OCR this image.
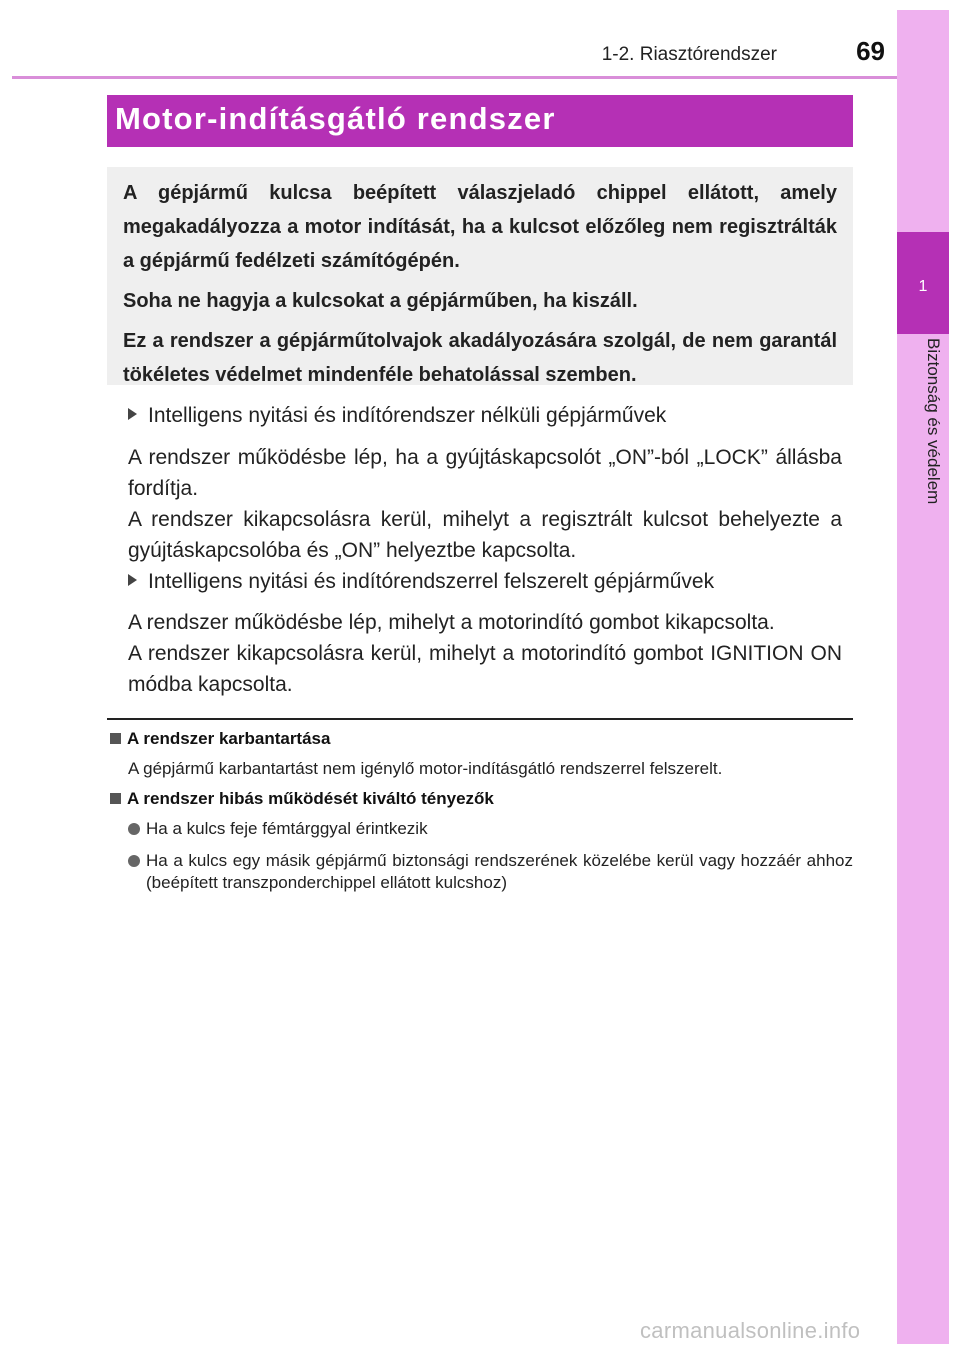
1-2. Riasztórendszer	69
1
Biztonság és védelem
Motor-indításgátló rendszer

A gépjármű kulcsa beépített válaszjeladó chippel ellátott, amely megakadályozza a motor indítását, ha a kulcsot előzőleg nem regisztrálták a gépjármű fedélzeti számítógépén.

Soha ne hagyja a kulcsokat a gépjárműben, ha kiszáll.

Ez a rendszer a gépjárműtolvajok akadályozására szolgál, de nem garantál tökéletes védelmet mindenféle behatolással szemben.

Intelligens nyitási és indítórendszer nélküli gépjárművek

A rendszer működésbe lép, ha a gyújtáskapcsolót „ON”-ból „LOCK” állásba fordítja.
A rendszer kikapcsolásra kerül, mihelyt a regisztrált kulcsot behelyezte a gyújtáskapcsolóba és „ON” helyeztbe kapcsolta.

Intelligens nyitási és indítórendszerrel felszerelt gépjárművek

A rendszer működésbe lép, mihelyt a motorindító gombot kikapcsolta.
A rendszer kikapcsolásra kerül, mihelyt a motorindító gombot IGNITION ON módba kapcsolta.

A rendszer karbantartása

A gépjármű karbantartást nem igénylő motor-indításgátló rendszerrel felszerelt.

A rendszer hibás működését kiváltó tényezők
Ha a kulcs feje fémtárggyal érintkezik
Ha a kulcs egy másik gépjármű biztonsági rendszerének közelébe kerül vagy hozzáér ahhoz (beépített transzponderchippel ellátott kulcshoz)
carmanualsonline.info
